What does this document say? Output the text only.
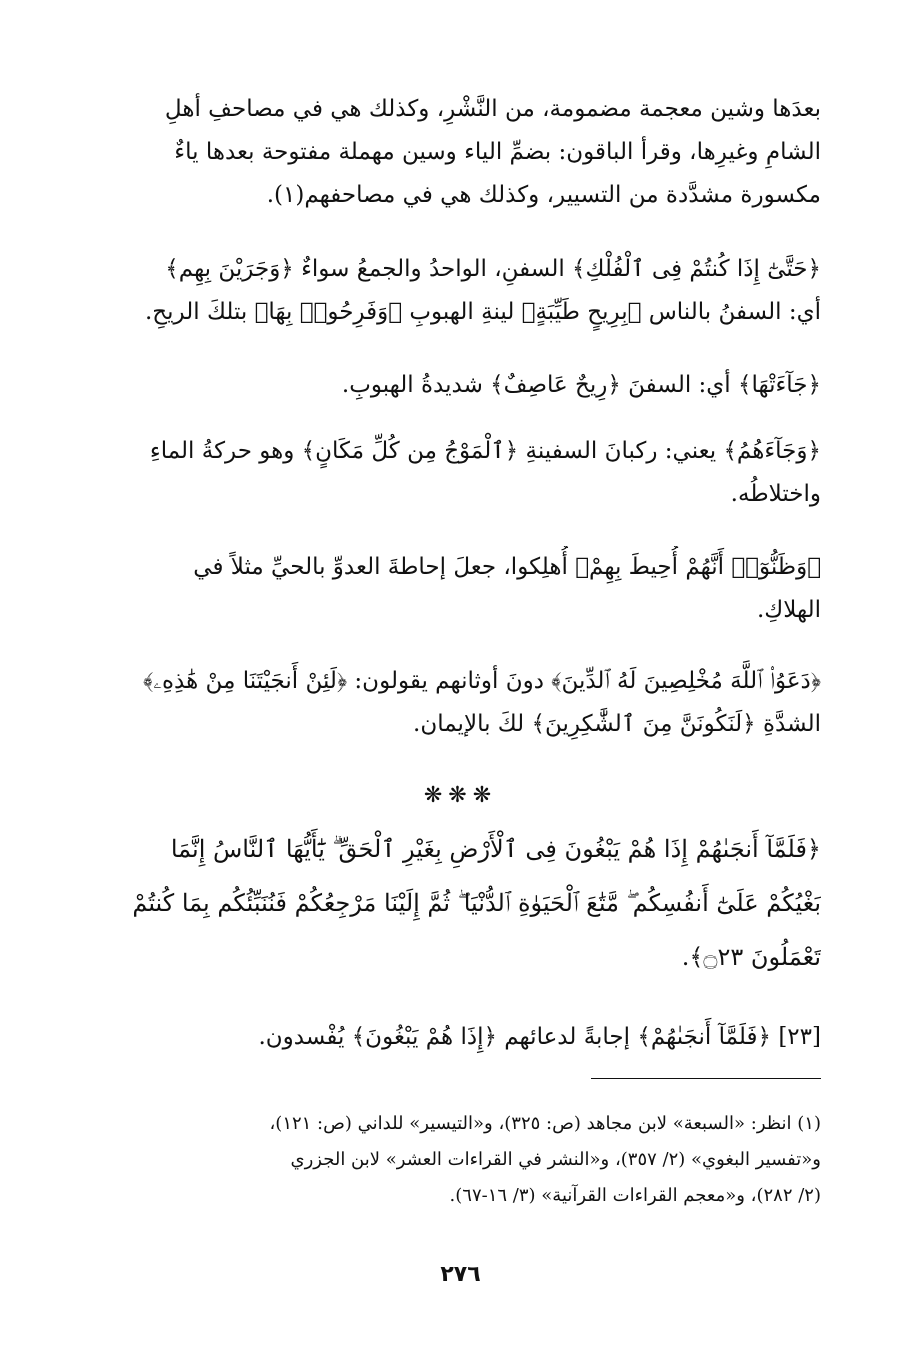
بعدَها وشين معجمة مضمومة، من النَّشْرِ، وكذلك هي في مصاحفِ أهلِ
الشامِ وغيرِها، وقرأ الباقون: بضمِّ الياء وسين مهملة مفتوحة بعدها ياءٌ
مكسورة مشدَّدة من التسيير، وكذلك هي في مصاحفهم(١).

﴿حَتَّىٰٓ إِذَا كُنتُمْ فِى ٱلْفُلْكِ﴾ السفنِ، الواحدُ والجمعُ سواءٌ ﴿وَجَرَيْنَ بِهِم﴾
أي: السفنُ بالناس ﴿بِرِيحٍ طَيِّبَةٍ﴾ لينةِ الهبوبِ ﴿وَفَرِحُوا۟ بِهَا﴾ بتلكَ الريحِ.

﴿جَآءَتْهَا﴾ أي: السفنَ ﴿رِيحٌ عَاصِفٌ﴾ شديدةُ الهبوبِ.

﴿وَجَآءَهُمُ﴾ يعني: ركبانَ السفينةِ ﴿ٱلْمَوْجُ مِن كُلِّ مَكَانٍ﴾ وهو حركةُ الماءِ
واختلاطُه.

﴿وَظَنُّوٓا۟ أَنَّهُمْ أُحِيطَ بِهِمْ﴾ أُهلِكوا، جعلَ إحاطةَ العدوِّ بالحيِّ مثلاً في
الهلاكِ.

﴿دَعَوُا۟ ٱللَّهَ مُخْلِصِينَ لَهُ ٱلدِّينَ﴾ دونَ أوثانهم يقولون: ﴿لَئِنْ أَنجَيْتَنَا مِنْ هَٰذِهِۦ﴾
الشدَّةِ ﴿لَنَكُونَنَّ مِنَ ٱلشَّٰكِرِينَ﴾ لكَ بالإيمان.

❋❋❋

﴿فَلَمَّآ أَنجَىٰهُمْ إِذَا هُمْ يَبْغُونَ فِى ٱلْأَرْضِ بِغَيْرِ ٱلْحَقِّ ۗ يَٰٓأَيُّهَا ٱلنَّاسُ إِنَّمَا
بَغْيُكُمْ عَلَىٰٓ أَنفُسِكُم ۖ مَّتَٰعَ ٱلْحَيَوٰةِ ٱلدُّنْيَا ۖ ثُمَّ إِلَيْنَا مَرْجِعُكُمْ فَنُنَبِّئُكُم بِمَا كُنتُمْ
تَعْمَلُونَ ۝٢٣﴾.

[٢٣] ﴿فَلَمَّآ أَنجَىٰهُمْ﴾ إجابةً لدعائهم ﴿إِذَا هُمْ يَبْغُونَ﴾ يُفْسدون.

(١) انظر: «السبعة» لابن مجاهد (ص: ٣٢٥)، و«التيسير» للداني (ص: ١٢١)،
و«تفسير البغوي» (٢/ ٣٥٧)، و«النشر في القراءات العشر» لابن الجزري
(٢/ ٢٨٢)، و«معجم القراءات القرآنية» (٣/ ١٦-٦٧).

٢٧٦
